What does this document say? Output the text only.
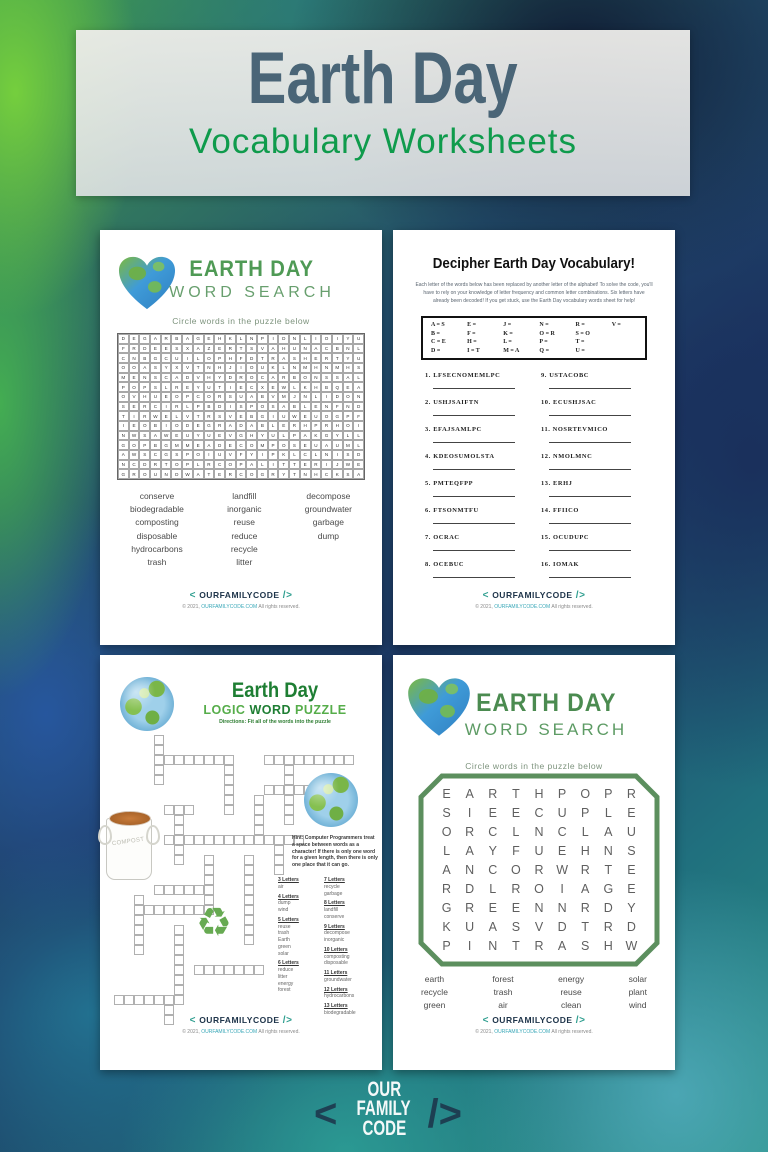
Earth Day
Vocabulary Worksheets
EARTH DAY
WORD SEARCH
Circle words in the puzzle below
D	E	G	A	R	B	A	G	E	H	K	L	N	P	I	D	N	L	I	O	I	Y	U
F	R	D	E	E	S	X	A	Z	E	R	T	S	V	A	H	U	N	A	C	B	N	L
C	N	B	G	C	U	I	L	O	P	H	F	D	T	R	A	S	H	E	R	T	Y	U
O	O	A	S	Y	X	V	T	N	H	J	I	O	U	K	L	N	M	H	N	M	H	S
M	E	N	S	C	A	D	V	H	Y	D	R	O	C	A	R	B	O	N	S	S	A	L
P	O	P	S	L	R	E	Y	U	T	I	E	C	X	E	W	L	K	H	B	Q	E	A
O	V	H	U	E	O	P	C	O	R	S	U	A	B	V	M	J	N	L	I	D	O	N
S	E	R	C	I	R	L	P	B	D	I	S	P	O	S	A	B	L	E	N	F	N	D
T	I	R	W	E	L	V	T	R	S	V	E	B	G	I	U	W	E	U	O	G	P	F
I	E	O	B	I	O	D	E	G	R	A	D	A	B	L	E	R	H	P	R	H	O	I
N	W	S	A	W	E	U	Y	U	E	V	G	H	Y	U	L	P	A	K	G	Y	L	L
G	O	P	B	G	M	M	E	A	D	E	C	O	M	P	O	S	E	U	A	U	M	L
A	W	S	C	G	S	P	O	I	U	V	F	Y	I	P	K	L	C	L	N	I	S	D
N	C	D	R	T	O	P	L	R	C	O	P	A	L	I	T	T	E	R	I	J	W	E
G	R	O	U	N	D	W	A	T	E	R	C	O	G	R	Y	T	N	H	C	K	S	A
conserve
biodegradable
composting
disposable
hydrocarbons
trash
landfill
inorganic
reuse
reduce
recycle
litter
decompose
groundwater
garbage
dump
< OURFAMILYCODE />
© 2021, OURFAMILYCODE.COM All rights reserved.
Decipher Earth Day Vocabulary!
Each letter of the words below has been replaced by another letter of the alphabet! To solve the code, you'll have to rely on your knowledge of letter frequency and common letter combinations. Six letters have already been decoded! If you get stuck, use the Earth Day vocabulary words sheet for help!
A = S	E =	J =	N =	R =	V =
B =	F =	K =	O = R	S = O
C = E	H =	L =	P =	T =
D =	I = T	M = A	Q =	U =
1. LFSECNOMEMLPC
2. USHJSAIFTN
3. EFAJSAMLPC
4. KDEOSUMOLSTA
5. PMTEQFPP
6. FTSONMTFU
7. OCRAC
8. OCEBUC
9. USTACOBC
10. ECUSHJSAC
11. NOSRTEVMICO
12. NMOLMNC
13. ERHJ
14. FFIICO
15. OCUDUPC
16. IOMAK
< OURFAMILYCODE />
© 2021, OURFAMILYCODE.COM All rights reserved.
Earth Day
LOGIC WORD PUZZLE
Directions: Fit all of the words into the puzzle
COMPOST
♻
Hint: Computer Programmers treat a space between words as a character! If there is only one word for a given length, then there is only one place that it can go.
3 Letters
air
4 Letters
dump
wind
5 Letters
reuse
trash
Earth
green
solar
6 Letters
reduce
litter
energy
forest
7 Letters
recycle
garbage
8 Letters
landfill
conserve
9 Letters
decompose
inorganic
10 Letters
composting
disposable
11 Letters
groundwater
12 Letters
hydrocarbons
13 Letters
biodegradable
< OURFAMILYCODE />
© 2021, OURFAMILYCODE.COM All rights reserved.
EARTH DAY
WORD SEARCH
Circle words in the puzzle below
E	A	R	T	H	P	O	P	R
S	I	E	E	C	U	P	L	E
O	R	C	L	N	C	L	A	U
L	A	Y	F	U	E	H	N	S
A	N	C	O	R	W	R	T	E
R	D	L	R	O	I	A	G	E
G	R	E	E	N	N	R	D	Y
K	U	A	S	V	D	T	R	D
P	I	N	T	R	A	S	H	W
earth
recycle
green
forest
trash
air
energy
reuse
clean
solar
plant
wind
< OURFAMILYCODE />
© 2021, OURFAMILYCODE.COM All rights reserved.
<
OUR
FAMILY
CODE />
